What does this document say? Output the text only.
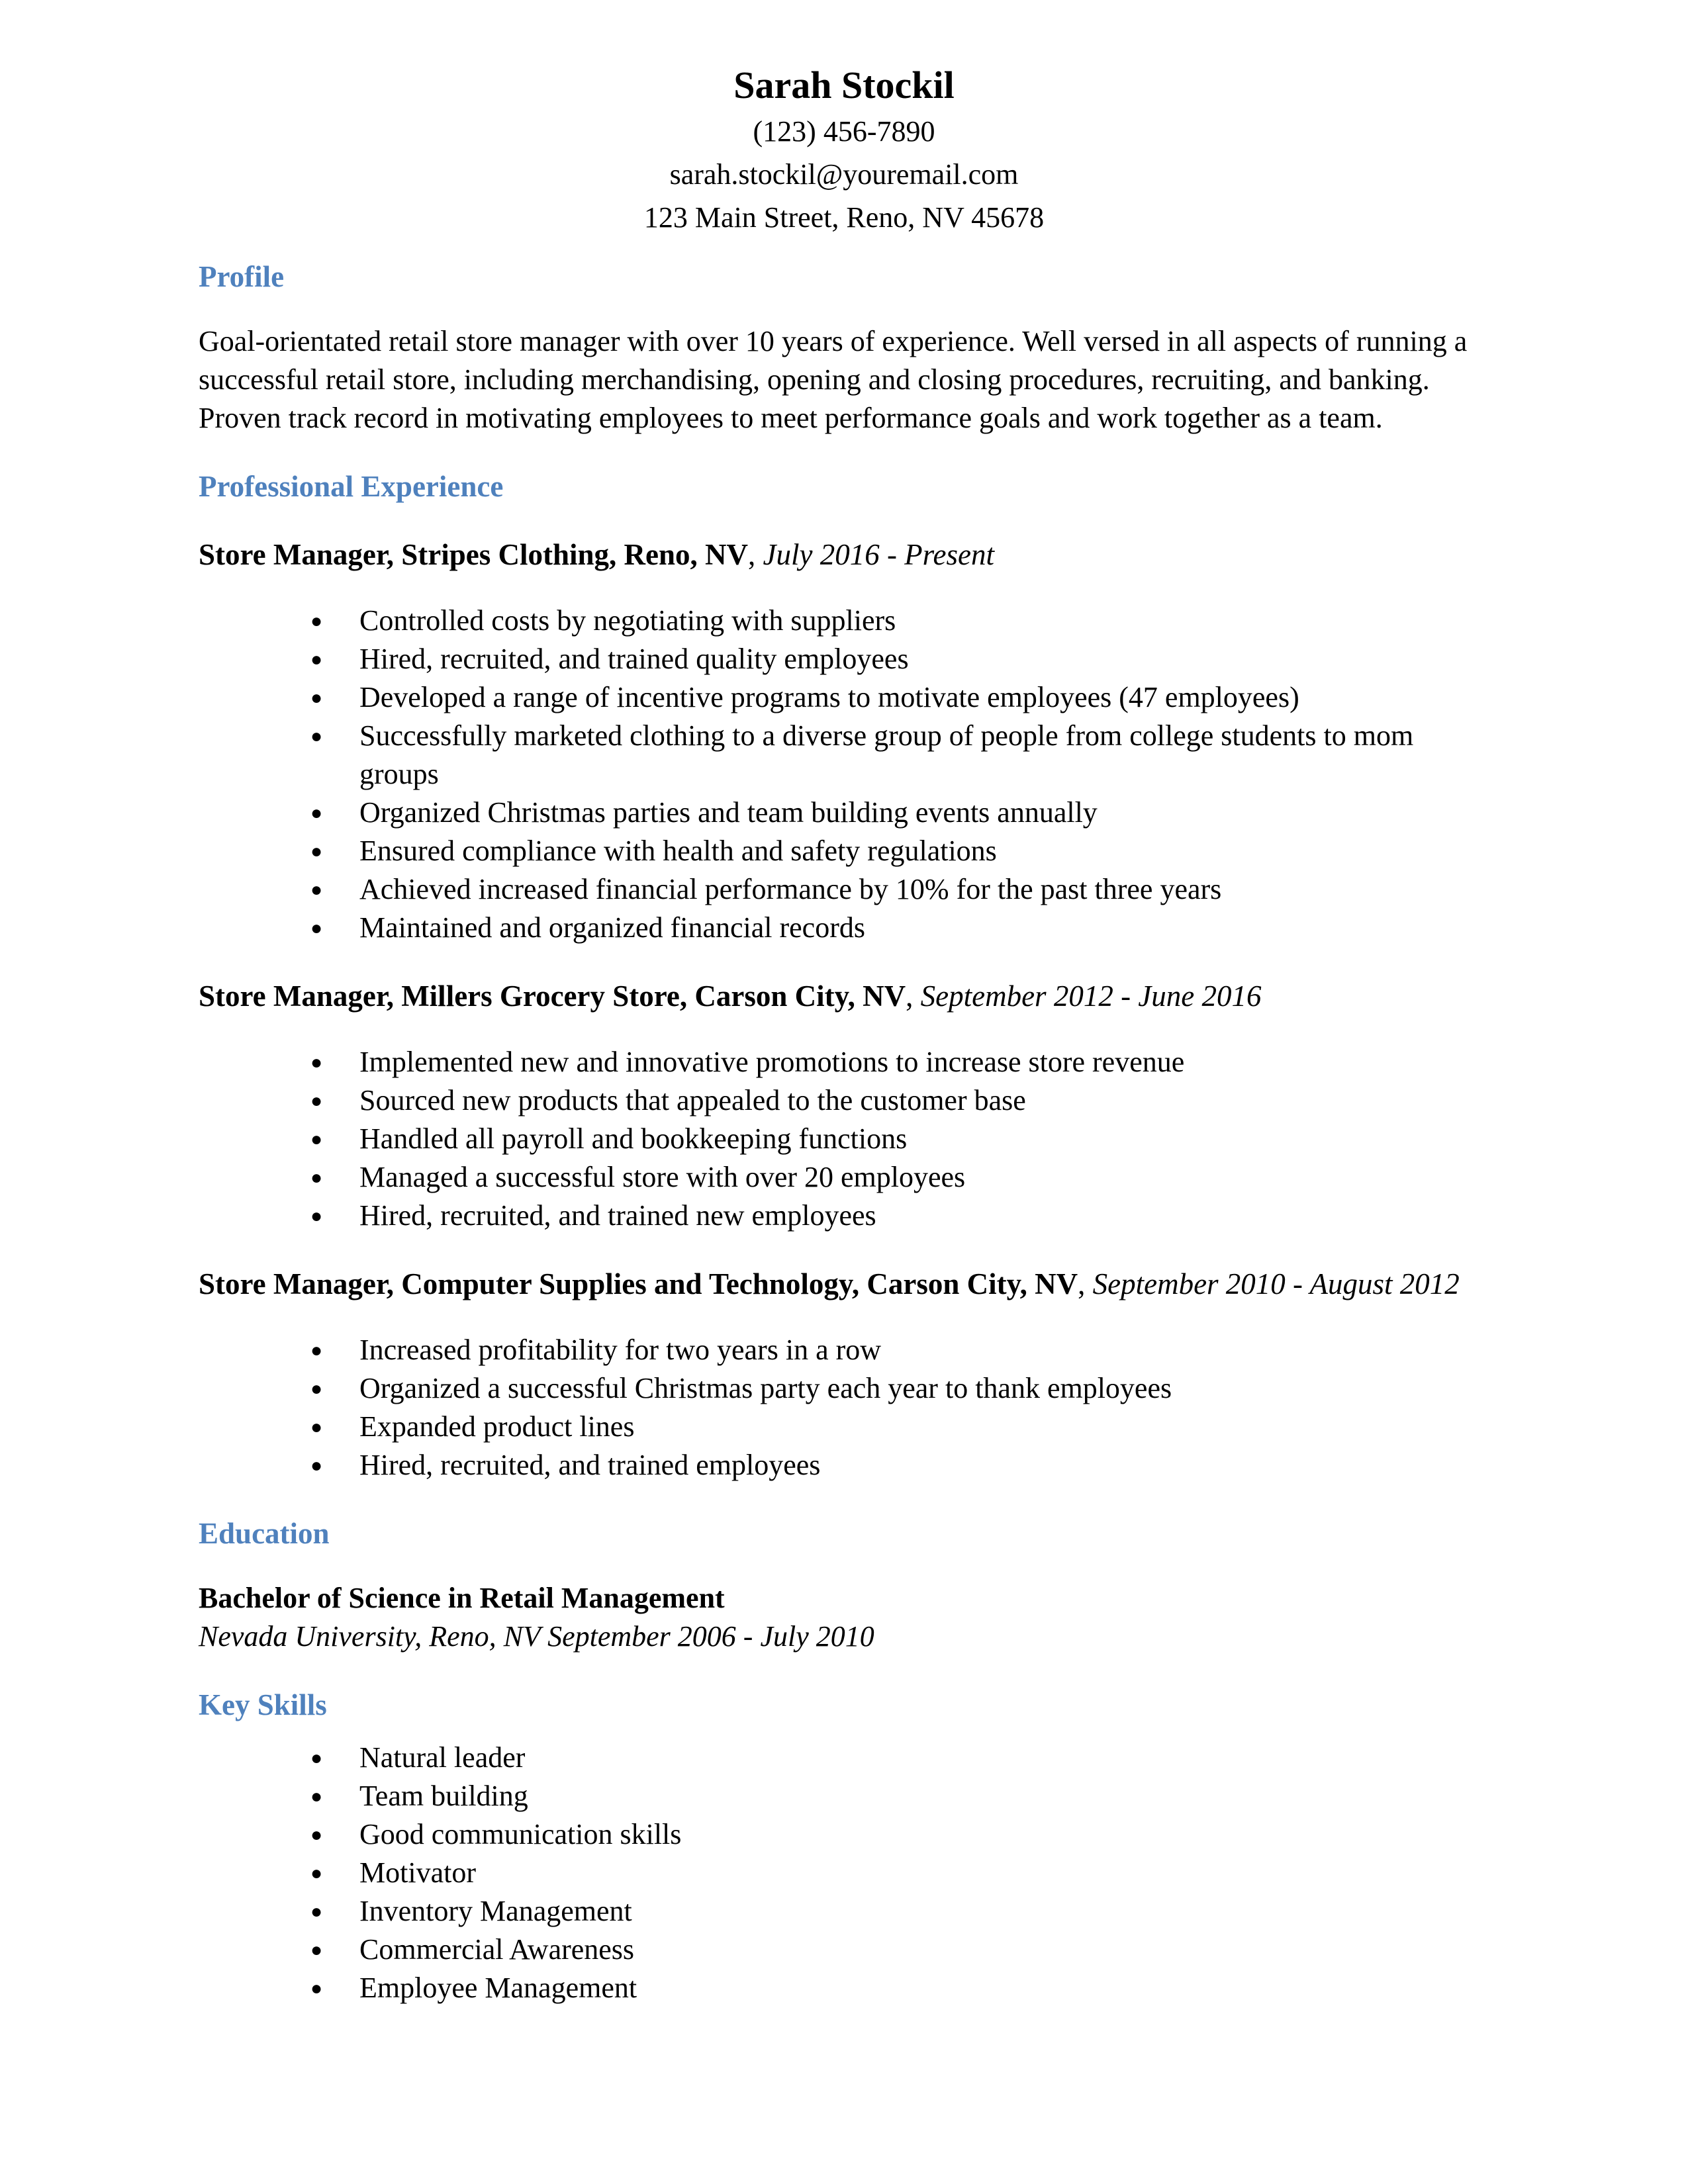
Sarah Stockil
(123) 456-7890
sarah.stockil@youremail.com
123 Main Street, Reno, NV 45678
Profile

Goal-orientated retail store manager with over 10 years of experience. Well versed in all aspects of running a successful retail store, including merchandising, opening and closing procedures, recruiting, and banking. Proven track record in motivating employees to meet performance goals and work together as a team.

Professional Experience

Store Manager, Stripes Clothing, Reno, NV, July 2016 - Present

● Controlled costs by negotiating with suppliers
● Hired, recruited, and trained quality employees
● Developed a range of incentive programs to motivate employees (47 employees)
● Successfully marketed clothing to a diverse group of people from college students to mom groups
● Organized Christmas parties and team building events annually
● Ensured compliance with health and safety regulations
● Achieved increased financial performance by 10% for the past three years
● Maintained and organized financial records

Store Manager, Millers Grocery Store, Carson City, NV, September 2012 - June 2016

● Implemented new and innovative promotions to increase store revenue
● Sourced new products that appealed to the customer base
● Handled all payroll and bookkeeping functions
● Managed a successful store with over 20 employees
● Hired, recruited, and trained new employees

Store Manager, Computer Supplies and Technology, Carson City, NV, September 2010 - August 2012

● Increased profitability for two years in a row
● Organized a successful Christmas party each year to thank employees
● Expanded product lines
● Hired, recruited, and trained employees
Education

Bachelor of Science in Retail Management

Nevada University, Reno, NV September 2006 - July 2010

Key Skills
● Natural leader
● Team building
● Good communication skills
● Motivator
● Inventory Management
● Commercial Awareness
● Employee Management
